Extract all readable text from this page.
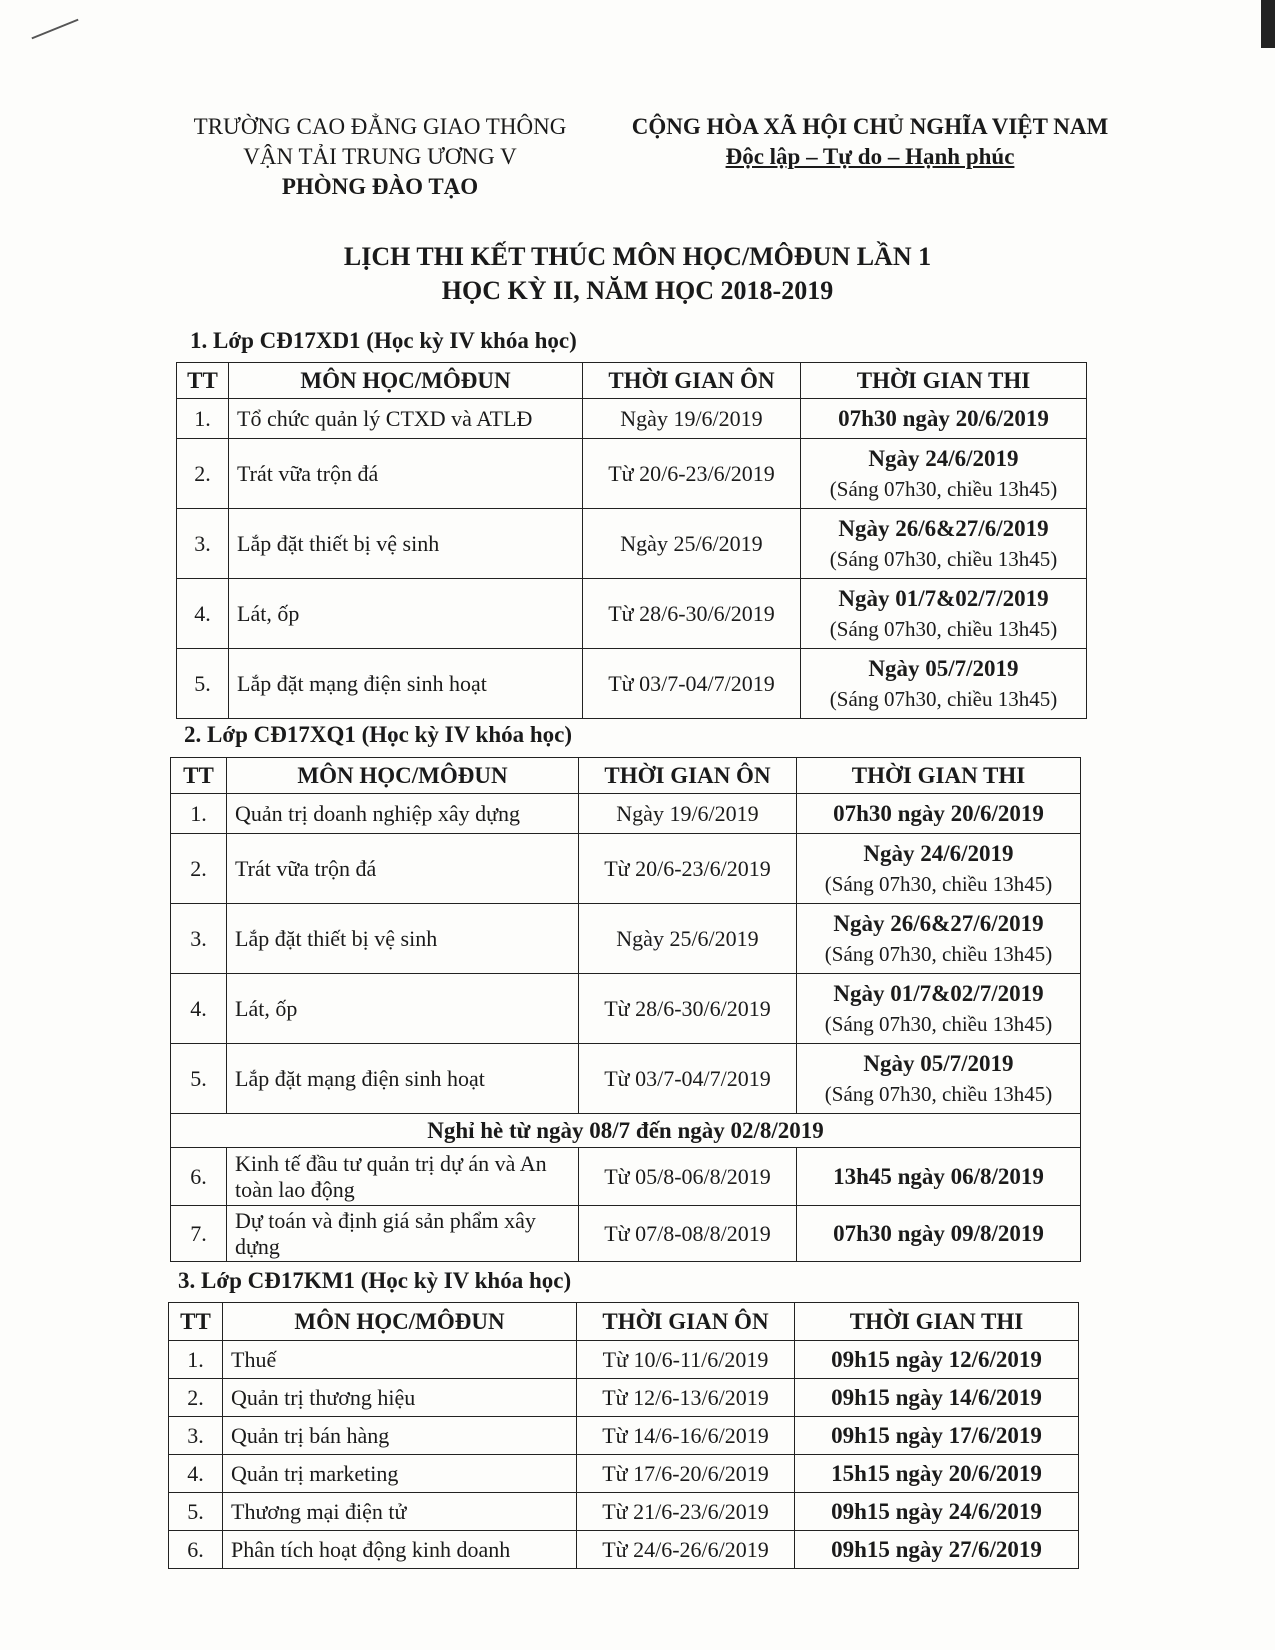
TRƯỜNG CAO ĐẲNG GIAO THÔNG
VẬN TẢI TRUNG ƯƠNG V
PHÒNG ĐÀO TẠO
CỘNG HÒA XÃ HỘI CHỦ NGHĨA VIỆT NAM
Độc lập – Tự do – Hạnh phúc
LỊCH THI KẾT THÚC MÔN HỌC/MÔĐUN LẦN 1
HỌC KỲ II, NĂM HỌC 2018-2019
1. Lớp CĐ17XD1 (Học kỳ IV khóa học)
TT	MÔN HỌC/MÔĐUN	THỜI GIAN ÔN	THỜI GIAN THI
1.	Tổ chức quản lý CTXD và ATLĐ	Ngày 19/6/2019	07h30 ngày 20/6/2019

2.	Trát vữa trộn đá	Từ 20/6-23/6/2019	Ngày 24/6/2019
(Sáng 07h30, chiều 13h45)

3.	Lắp đặt thiết bị vệ sinh	Ngày 25/6/2019	Ngày 26/6&27/6/2019
(Sáng 07h30, chiều 13h45)

4.	Lát, ốp	Từ 28/6-30/6/2019	Ngày 01/7&02/7/2019
(Sáng 07h30, chiều 13h45)

5.	Lắp đặt mạng điện sinh hoạt	Từ 03/7-04/7/2019	Ngày 05/7/2019
(Sáng 07h30, chiều 13h45)
2. Lớp CĐ17XQ1 (Học kỳ IV khóa học)
TT	MÔN HỌC/MÔĐUN	THỜI GIAN ÔN	THỜI GIAN THI
1.	Quản trị doanh nghiệp xây dựng	Ngày 19/6/2019	07h30 ngày 20/6/2019

2.	Trát vữa trộn đá	Từ 20/6-23/6/2019	Ngày 24/6/2019
(Sáng 07h30, chiều 13h45)

3.	Lắp đặt thiết bị vệ sinh	Ngày 25/6/2019	Ngày 26/6&27/6/2019
(Sáng 07h30, chiều 13h45)

4.	Lát, ốp	Từ 28/6-30/6/2019	Ngày 01/7&02/7/2019
(Sáng 07h30, chiều 13h45)

5.	Lắp đặt mạng điện sinh hoạt	Từ 03/7-04/7/2019	Ngày 05/7/2019
(Sáng 07h30, chiều 13h45)

Nghỉ hè từ ngày 08/7 đến ngày 02/8/2019			
6.	Kinh tế đầu tư quản trị dự án và An toàn lao động	Từ 05/8-06/8/2019	13h45 ngày 06/8/2019

7.	Dự toán và định giá sản phẩm xây dựng	Từ 07/8-08/8/2019	07h30 ngày 09/8/2019
3. Lớp CĐ17KM1 (Học kỳ IV khóa học)
TT	MÔN HỌC/MÔĐUN	THỜI GIAN ÔN	THỜI GIAN THI
1.	Thuế	Từ 10/6-11/6/2019	09h15 ngày 12/6/2019

2.	Quản trị thương hiệu	Từ 12/6-13/6/2019	09h15 ngày 14/6/2019

3.	Quản trị bán hàng	Từ 14/6-16/6/2019	09h15 ngày 17/6/2019

4.	Quản trị marketing	Từ 17/6-20/6/2019	15h15 ngày 20/6/2019

5.	Thương mại điện tử	Từ 21/6-23/6/2019	09h15 ngày 24/6/2019

6.	Phân tích hoạt động kinh doanh	Từ 24/6-26/6/2019	09h15 ngày 27/6/2019
